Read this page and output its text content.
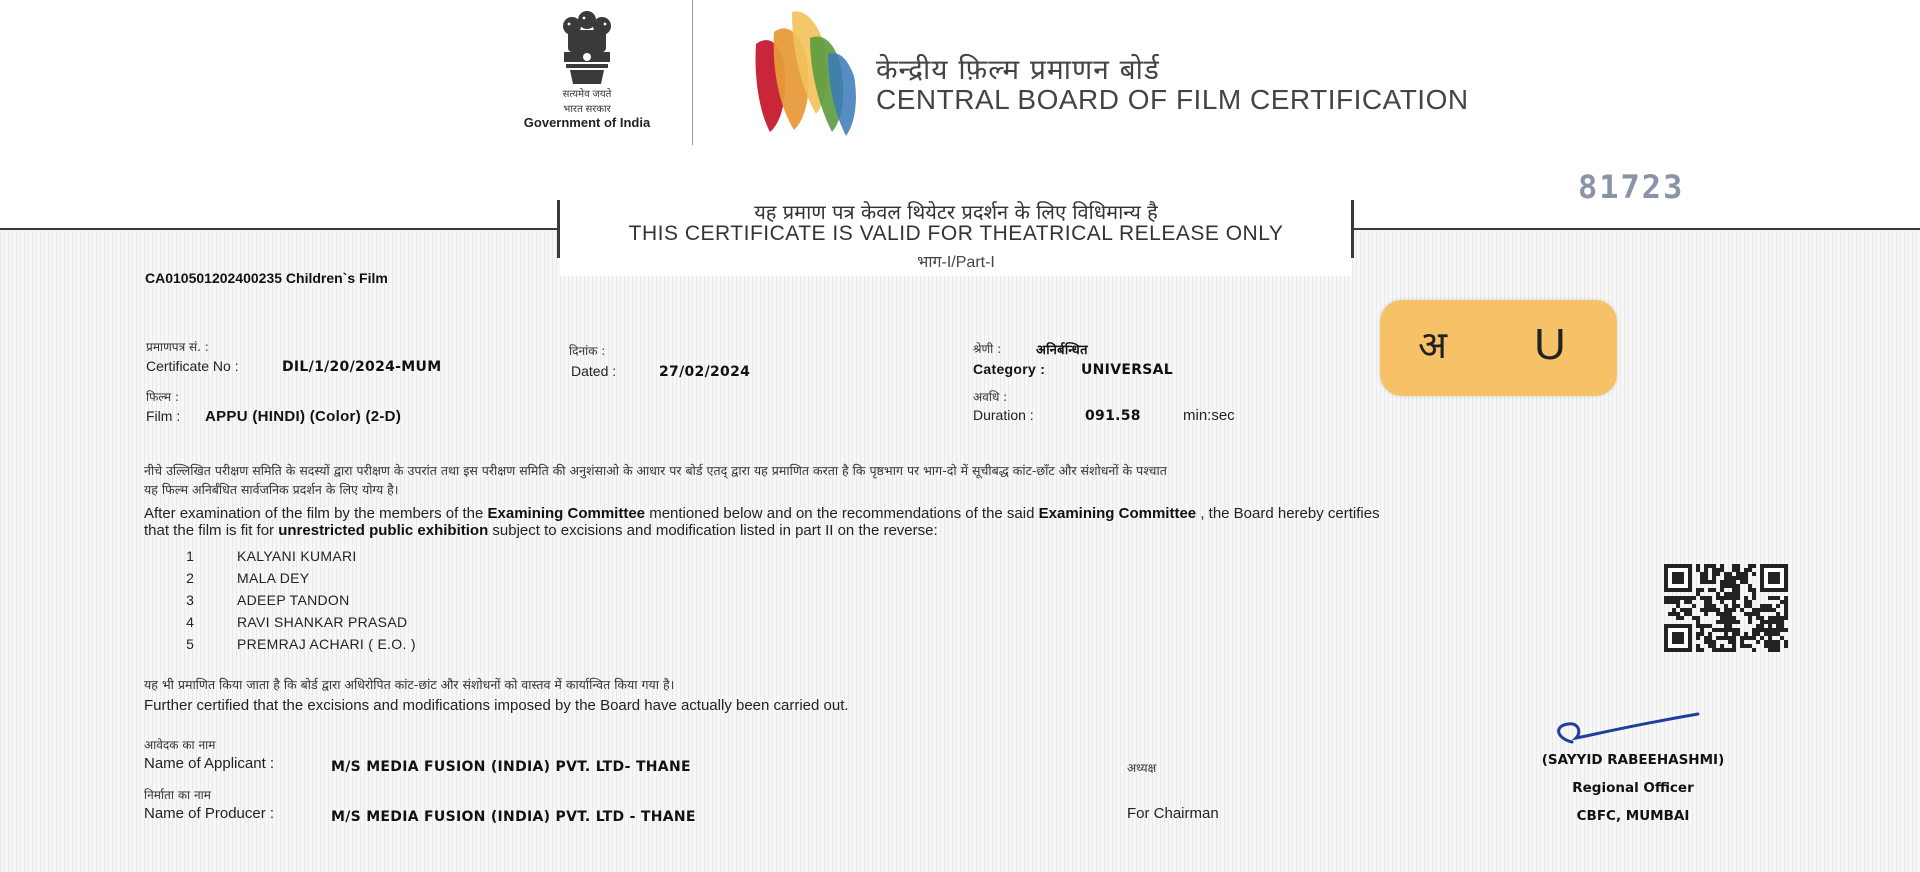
सत्यमेव जयते
भारत सरकार
Government of India
केन्द्रीय फ़िल्म प्रमाणन बोर्ड
CENTRAL BOARD OF FILM CERTIFICATION
81723
यह प्रमाण पत्र केवल थियेटर प्रदर्शन के लिए विधिमान्य है
THIS CERTIFICATE IS VALID FOR THEATRICAL RELEASE ONLY
भाग-I/Part-I
CA010501202400235 Children`s Film
प्रमाणपत्र सं. :
Certificate No :	DIL/1/20/2024-MUM
दिनांक :
Dated :	27/02/2024
श्रेणी :	अनिर्बन्धित
Category :	UNIVERSAL
फिल्म :
Film : APPU (HINDI) (Color) (2-D)
अवधि :
Duration :	091.58	min:sec
अ U
नीचे उल्लिखित परीक्षण समिति के सदस्यों द्वारा परीक्षण के उपरांत तथा इस परीक्षण समिति की अनुशंसाओ के आधार पर बोर्ड एतद् द्वारा यह प्रमाणित करता है कि पृष्ठभाग पर भाग-दो में सूचीबद्ध कांट-छाँट और संशोधनों के पश्चात
यह फिल्म अनिर्बंधित सार्वजनिक प्रदर्शन के लिए योग्य है।
After examination of the film by the members of the Examining Committee mentioned below and on the recommendations of the said Examining Committee , the Board hereby certifies
that the film is fit for unrestricted public exhibition subject to excisions and modification listed in part II on the reverse:
1	KALYANI KUMARI
2	MALA DEY
3	ADEEP TANDON
4	RAVI SHANKAR PRASAD
5	PREMRAJ ACHARI ( E.O. )
यह भी प्रमाणित किया जाता है कि बोर्ड द्वारा अधिरोपित कांट-छांट और संशोधनों को वास्तव में कार्यान्वित किया गया है।
Further certified that the excisions and modifications imposed by the Board have actually been carried out.
आवेदक का नाम
Name of Applicant :	M/S MEDIA FUSION (INDIA) PVT. LTD- THANE
निर्माता का नाम
Name of Producer :	M/S MEDIA FUSION (INDIA) PVT. LTD - THANE
अध्यक्ष
For Chairman
(SAYYID RABEEHASHMI)
Regional Officer
CBFC, MUMBAI
